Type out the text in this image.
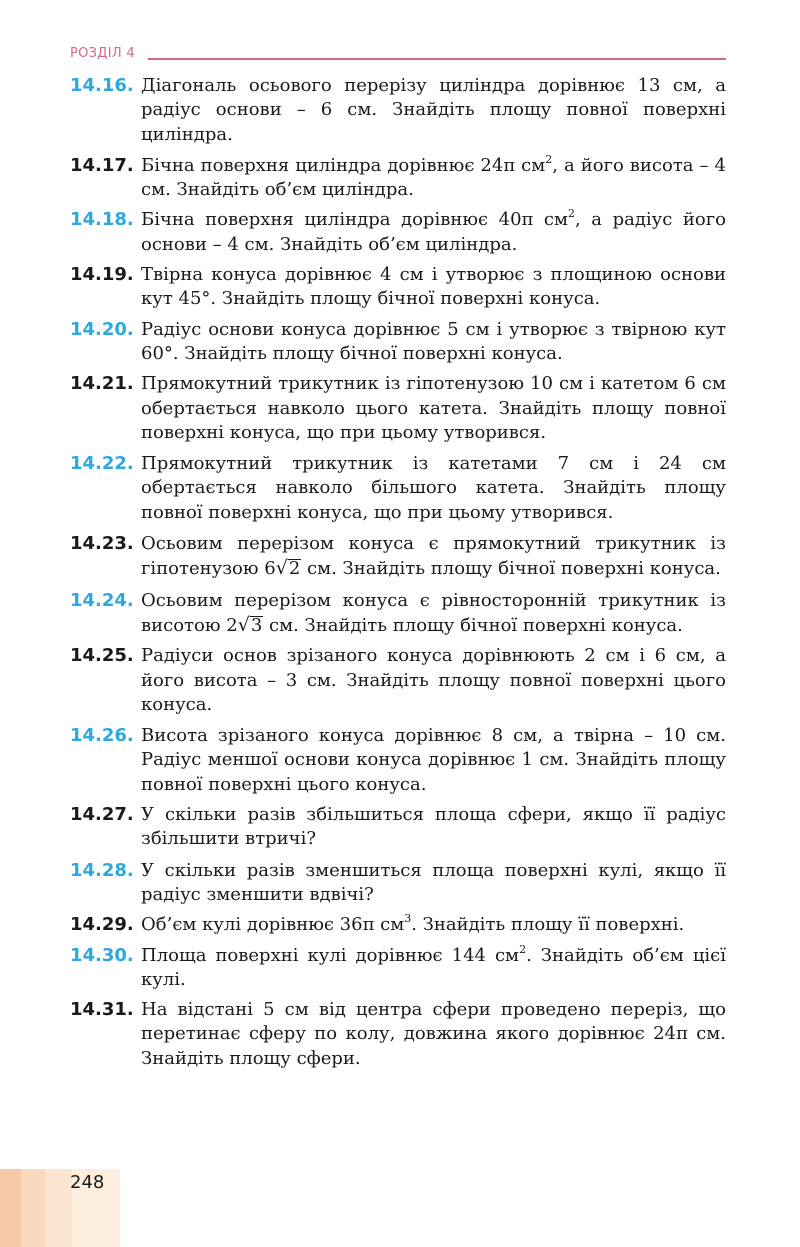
РОЗДІЛ 4
14.16. Діагональ осьового перерізу циліндра дорівнює 13 см, а радіус основи – 6 см. Знайдіть площу повної поверхні циліндра.
14.17. Бічна поверхня циліндра дорівнює 24π $см^2$, а його висота – 4 см. Знайдіть об’єм циліндра.
14.18. Бічна поверхня циліндра дорівнює 40π $см^2$, а радіус його основи – 4 см. Знайдіть об’єм циліндра.
14.19. Твірна конуса дорівнює 4 см і утворює з площиною основи кут 45°. Знайдіть площу бічної поверхні конуса.
14.20. Радіус основи конуса дорівнює 5 см і утворює з твірною кут 60°. Знайдіть площу бічної поверхні конуса.
14.21. Прямокутний трикутник із гіпотенузою 10 см і катетом 6 см обертається навколо цього катета. Знайдіть площу повної поверхні конуса, що при цьому утворився.
14.22. Прямокутний трикутник із катетами 7 см і 24 см обертається навколо більшого катета. Знайдіть площу повної поверхні конуса, що при цьому утворився.
14.23. Осьовим перерізом конуса є прямокутний трикутник із гіпотенузою 6√2 см. Знайдіть площу бічної поверхні конуса.
14.24. Осьовим перерізом конуса є рівносторонній трикутник із висотою 2√3 см. Знайдіть площу бічної поверхні конуса.
14.25. Радіуси основ зрізаного конуса дорівнюють 2 см і 6 см, а його висота – 3 см. Знайдіть площу повної поверхні цього конуса.
14.26. Висота зрізаного конуса дорівнює 8 см, а твірна – 10 см. Радіус меншої основи конуса дорівнює 1 см. Знайдіть площу повної поверхні цього конуса.
14.27. У скільки разів збільшиться площа сфери, якщо її радіус збільшити втричі?
14.28. У скільки разів зменшиться площа поверхні кулі, якщо її радіус зменшити вдвічі?
14.29. Об’єм кулі дорівнює 36π $см^3$. Знайдіть площу її поверхні.
14.30. Площа поверхні кулі дорівнює 144 $см^2$. Знайдіть об’єм цієї кулі.
14.31. На відстані 5 см від центра сфери проведено переріз, що перетинає сферу по колу, довжина якого дорівнює 24π см. Знайдіть площу сфери.
248
